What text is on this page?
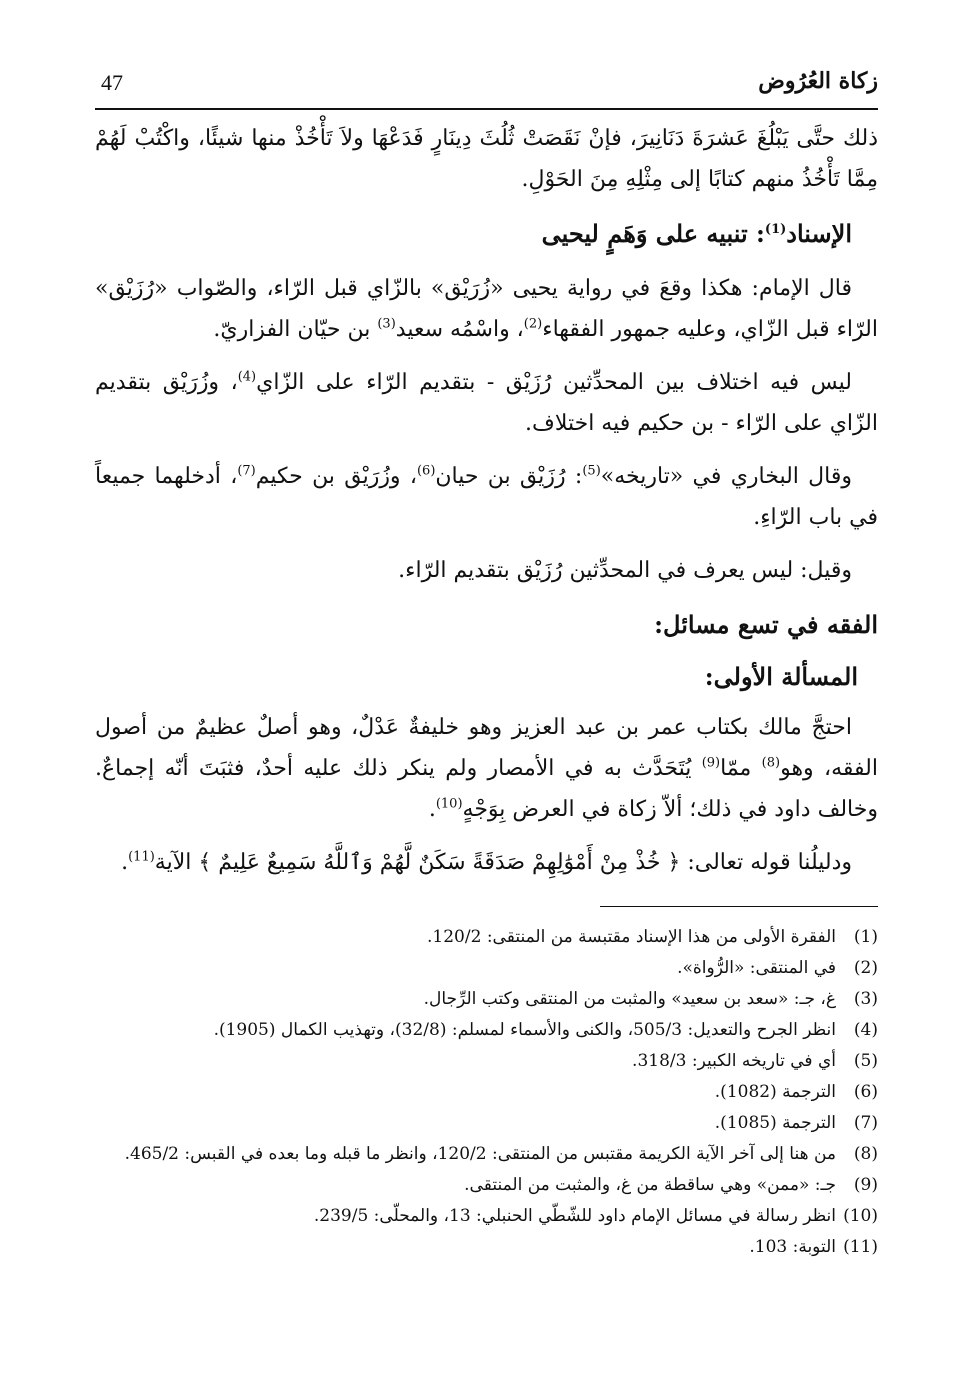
زكاة العُرُوض
47

ذلك حتَّى يَبْلُغَ عَشرَةَ دَنَانِيرَ، فإنْ نَقَصَتْ ثُلُثَ دِينَارٍ فَدَعْهَا ولاَ تَأْخُذْ منها شيئًا، واكْتُبْ لَهُمْ مِمَّا تَأْخُذُ منهم كتابًا إلى مِثْلِهِ مِنَ الحَوْلِ.

الإسناد$^{(1)}$: تنبيه على وَهَمٍ ليحيى

قال الإمام: هكذا وقعَ في رواية يحيى «زُرَيْق» بالزّاي قبل الرّاء، والصّواب «رُزَيْق» الرّاء قبل الزّاي، وعليه جمهور الفقهاء$^{(2)}$، واسْمُه سعيد$^{(3)}$ بن حيّان الفزاريّ.

ليس فيه اختلاف بين المحدِّثين رُزَيْق - بتقديم الرّاء على الزّاي$^{(4)}$، وزُرَيْق بتقديم الزّاي على الرّاء - بن حكيم فيه اختلاف.

وقال البخاري في «تاريخه»$^{(5)}$: رُزَيْق بن حيان$^{(6)}$، وزُرَيْق بن حكيم$^{(7)}$، أدخلهما جميعاً في باب الرّاءِ.

وقيل: ليس يعرف في المحدِّثين رُزَيْق بتقديم الرّاء.

الفقه في تسع مسائل:
المسألة الأولى:

احتجَّ مالك بكتاب عمر بن عبد العزيز وهو خليفةٌ عَدْلٌ، وهو أصلٌ عظيمٌ من أصول الفقه، وهو$^{(8)}$ ممّا$^{(9)}$ يُتَحَدَّث به في الأمصار ولم ينكر ذلك عليه أحدٌ، فثبَتَ أنّه إجماعٌ. وخالف داود في ذلك؛ ألاّ زكاة في العرض بِوَجْهٍ$^{(10)}$.

ودليلُنا قوله تعالى: ﴿ خُذْ مِنْ أَمْوَٰلِهِمْ صَدَقَةً سَكَنٌ لَّهُمْ وَٱللَّهُ سَمِيعٌ عَلِيمٌ ﴾ الآية$^{(11)}$.

(1)
الفقرة الأولى من هذا الإسناد مقتبسة من المنتقى: 120/2.
(2)
في المنتقى: «الرُّواة».
(3)
غ، جـ: «سعد بن سعيد» والمثبت من المنتقى وكتب الرِّجال.
(4)
انظر الجرح والتعديل: 505/3، والكنى والأسماء لمسلم: (32/8)، وتهذيب الكمال (1905).
(5)
أي في تاريخه الكبير: 318/3.
(6)
الترجمة (1082).
(7)
الترجمة (1085).
(8)
من هنا إلى آخر الآية الكريمة مقتبس من المنتقى: 120/2، وانظر ما قبله وما بعده في القبس: 465/2.
(9)
جـ: «ممن» وهي ساقطة من غ، والمثبت من المنتقى.
(10)
انظر رسالة في مسائل الإمام داود للشّطّي الحنبلي: 13، والمحلّى: 239/5.
(11)
التوبة: 103.
